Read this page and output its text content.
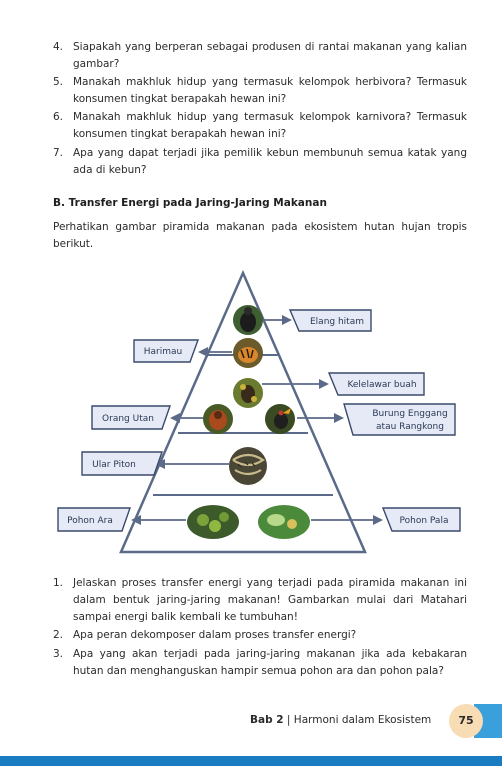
4. Siapakah yang berperan sebagai produsen di rantai makanan yang kalian gambar?
5. Manakah makhluk hidup yang termasuk kelompok herbivora? Termasuk konsumen tingkat berapakah hewan ini?
6. Manakah makhluk hidup yang termasuk kelompok karnivora? Termasuk konsumen tingkat berapakah hewan ini?
7. Apa yang dapat terjadi jika pemilik kebun membunuh semua katak yang ada di kebun?
B. Transfer Energi pada Jaring-Jaring Makanan
Perhatikan gambar piramida makanan pada ekosistem hutan hujan tropis berikut.
Elang hitam
Harimau
Kelelawar buah
Orang Utan	Burung Enggang
atau Rangkong
Ular Piton
Pohon Ara	Pohon Pala
1. Jelaskan proses transfer energi yang terjadi pada piramida makanan ini dalam bentuk jaring-jaring makanan! Gambarkan mulai dari Matahari sampai energi balik kembali ke tumbuhan!
2. Apa peran dekomposer dalam proses transfer energi?
3. Apa yang akan terjadi pada jaring-jaring makanan jika ada kebakaran hutan dan menghanguskan hampir semua pohon ara dan pohon pala?
Bab 2 | Harmoni dalam Ekosistem	75
